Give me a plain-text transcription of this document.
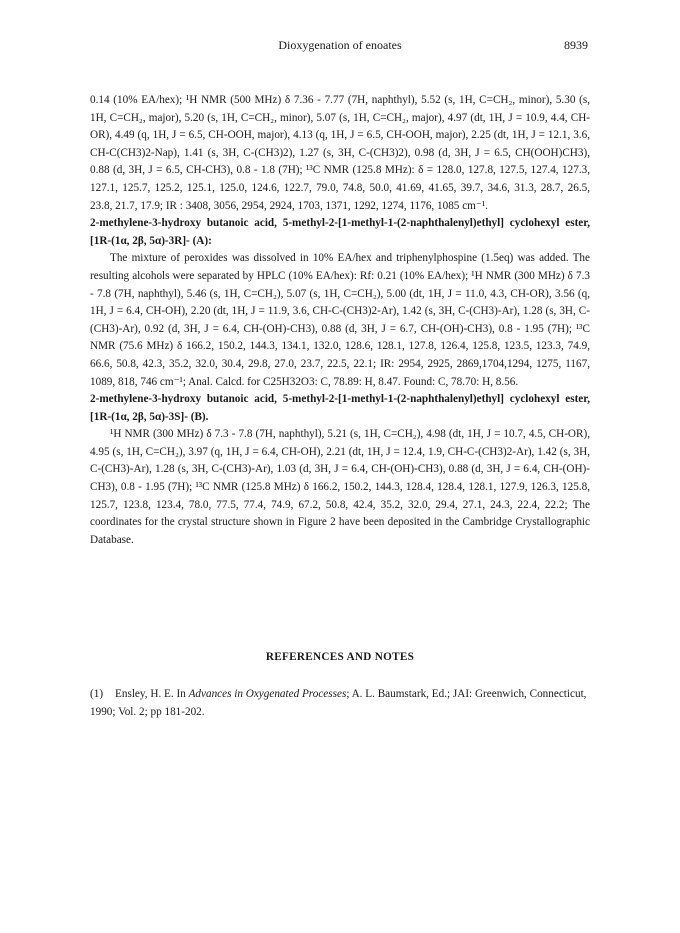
Dioxygenation of enoates	8939

0.14 (10% EA/hex); ¹H NMR (500 MHz) δ 7.36 - 7.77 (7H, naphthyl), 5.52 (s, 1H, C=CH₂, minor), 5.30 (s, 1H, C=CH₂, major), 5.20 (s, 1H, C=CH₂, minor), 5.07 (s, 1H, C=CH₂, major), 4.97 (dt, 1H, J = 10.9, 4.4, CH-OR), 4.49 (q, 1H, J = 6.5, CH-OOH, major), 4.13 (q, 1H, J = 6.5, CH-OOH, major), 2.25 (dt, 1H, J = 12.1, 3.6, CH-C(CH3)2-Nap), 1.41 (s, 3H, C-(CH3)2), 1.27 (s, 3H, C-(CH3)2), 0.98 (d, 3H, J = 6.5, CH(OOH)CH3), 0.88 (d, 3H, J = 6.5, CH-CH3), 0.8 - 1.8 (7H); ¹³C NMR (125.8 MHz): δ = 128.0, 127.8, 127.5, 127.4, 127.3, 127.1, 125.7, 125.2, 125.1, 125.0, 124.6, 122.7, 79.0, 74.8, 50.0, 41.69, 41.65, 39.7, 34.6, 31.3, 28.7, 26.5, 23.8, 21.7, 17.9; IR : 3408, 3056, 2954, 2924, 1703, 1371, 1292, 1274, 1176, 1085 cm⁻¹.

2-methylene-3-hydroxy butanoic acid, 5-methyl-2-[1-methyl-1-(2-naphthalenyl)ethyl] cyclohexyl ester, [1R-(1α, 2β, 5α)-3R]- (A):

The mixture of peroxides was dissolved in 10% EA/hex and triphenylphospine (1.5eq) was added. The resulting alcohols were separated by HPLC (10% EA/hex): Rf: 0.21 (10% EA/hex); ¹H NMR (300 MHz) δ 7.3 - 7.8 (7H, naphthyl), 5.46 (s, 1H, C=CH₂), 5.07 (s, 1H, C=CH₂), 5.00 (dt, 1H, J = 11.0, 4.3, CH-OR), 3.56 (q, 1H, J = 6.4, CH-OH), 2.20 (dt, 1H, J = 11.9, 3.6, CH-C-(CH3)2-Ar), 1.42 (s, 3H, C-(CH3)-Ar), 1.28 (s, 3H, C-(CH3)-Ar), 0.92 (d, 3H, J = 6.4, CH-(OH)-CH3), 0.88 (d, 3H, J = 6.7, CH-(OH)-CH3), 0.8 - 1.95 (7H); ¹³C NMR (75.6 MHz) δ 166.2, 150.2, 144.3, 134.1, 132.0, 128.6, 128.1, 127.8, 126.4, 125.8, 123.5, 123.3, 74.9, 66.6, 50.8, 42.3, 35.2, 32.0, 30.4, 29.8, 27.0, 23.7, 22.5, 22.1; IR: 2954, 2925, 2869,1704,1294, 1275, 1167, 1089, 818, 746 cm⁻¹; Anal. Calcd. for C25H32O3: C, 78.89: H, 8.47. Found: C, 78.70: H, 8.56.

2-methylene-3-hydroxy butanoic acid, 5-methyl-2-[1-methyl-1-(2-naphthalenyl)ethyl] cyclohexyl ester, [1R-(1α, 2β, 5α)-3S]- (B).

¹H NMR (300 MHz) δ 7.3 - 7.8 (7H, naphthyl), 5.21 (s, 1H, C=CH₂), 4.98 (dt, 1H, J = 10.7, 4.5, CH-OR), 4.95 (s, 1H, C=CH₂), 3.97 (q, 1H, J = 6.4, CH-OH), 2.21 (dt, 1H, J = 12.4, 1.9, CH-C-(CH3)2-Ar), 1.42 (s, 3H, C-(CH3)-Ar), 1.28 (s, 3H, C-(CH3)-Ar), 1.03 (d, 3H, J = 6.4, CH-(OH)-CH3), 0.88 (d, 3H, J = 6.4, CH-(OH)-CH3), 0.8 - 1.95 (7H); ¹³C NMR (125.8 MHz) δ 166.2, 150.2, 144.3, 128.4, 128.4, 128.1, 127.9, 126.3, 125.8, 125.7, 123.8, 123.4, 78.0, 77.5, 77.4, 74.9, 67.2, 50.8, 42.4, 35.2, 32.0, 29.4, 27.1, 24.3, 22.4, 22.2; The coordinates for the crystal structure shown in Figure 2 have been deposited in the Cambridge Crystallographic Database.

REFERENCES AND NOTES

(1) Ensley, H. E. In Advances in Oxygenated Processes; A. L. Baumstark, Ed.; JAI: Greenwich, Connecticut, 1990; Vol. 2; pp 181-202.
